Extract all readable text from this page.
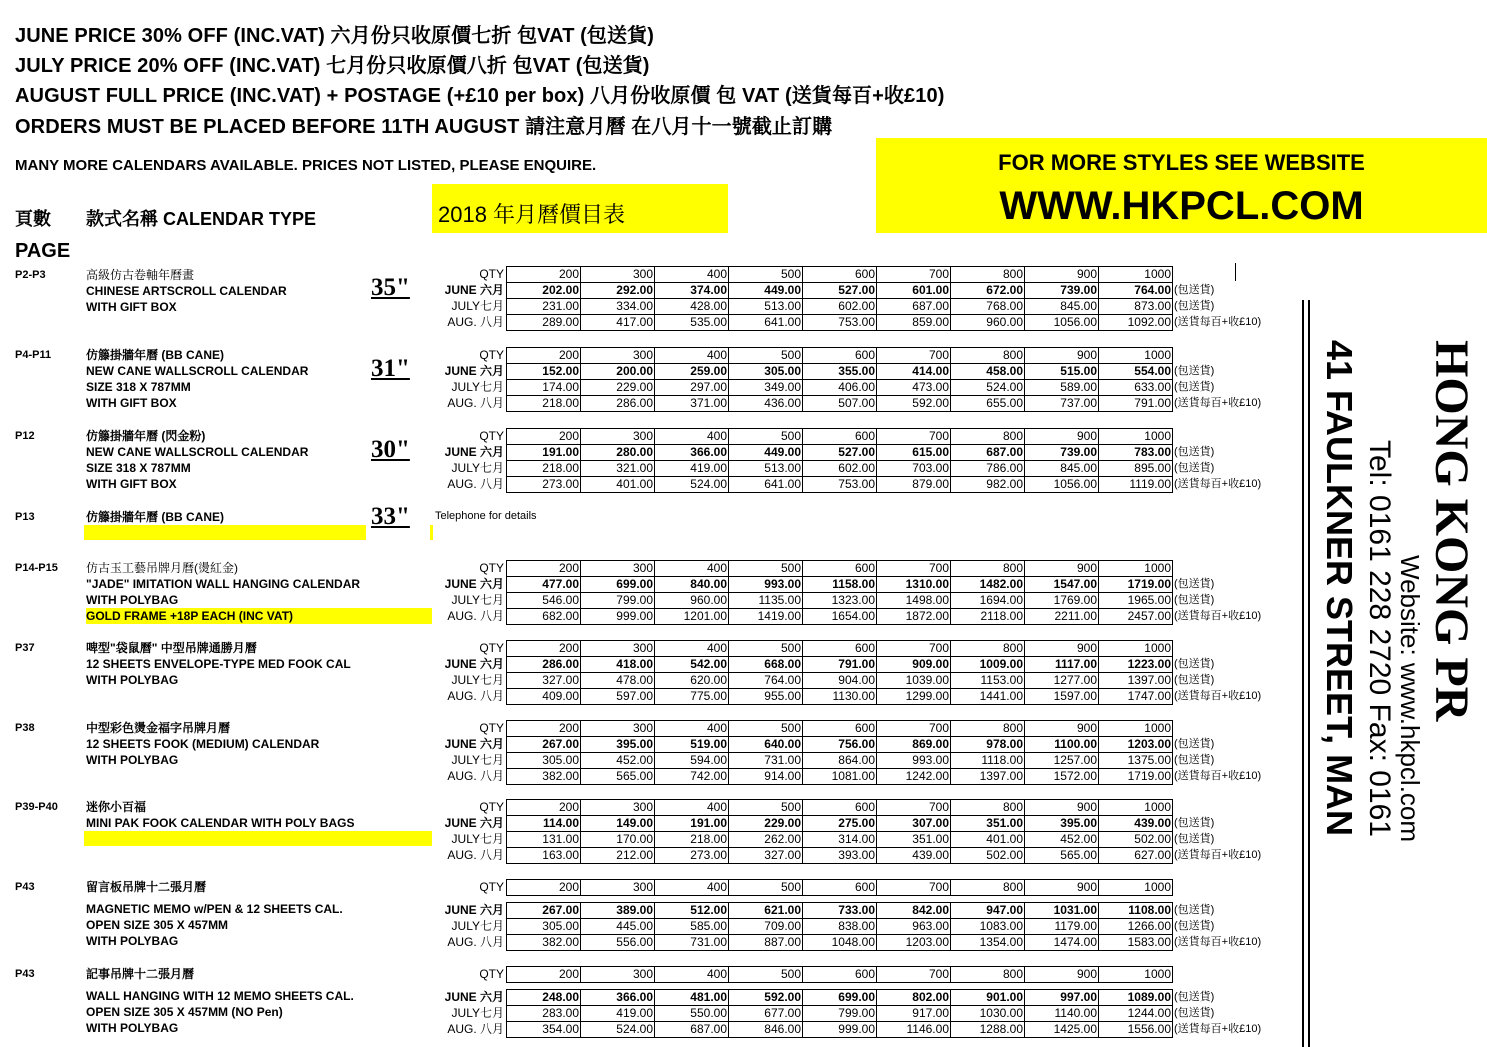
JUNE PRICE 30% OFF (INC.VAT) 六月份只收原價七折 包VAT (包送貨)
JULY PRICE 20% OFF (INC.VAT) 七月份只收原價八折 包VAT (包送貨)
AUGUST FULL PRICE (INC.VAT) + POSTAGE (+£10 per box) 八月份收原價 包 VAT (送貨每百+收£10)
ORDERS MUST BE PLACED BEFORE 11TH AUGUST 請注意月曆 在八月十一號截止訂購
MANY MORE CALENDARS AVAILABLE. PRICES NOT LISTED, PLEASE ENQUIRE.
2018 年月曆價目表
FOR MORE STYLES SEE WEBSITE
WWW.HKPCL.COM
頁數 款式名稱 CALENDAR TYPE
PAGE
P2-P3	高級仿古卷軸年曆畫
CHINESE ARTSCROLL CALENDAR
WITH GIFT BOX
35"
P4-P11	仿籐掛牆年曆 (BB CANE)
NEW CANE WALLSCROLL CALENDAR
SIZE 318 X 787MM
WITH GIFT BOX
31"
P12	仿籐掛牆年曆 (閃金粉)
NEW CANE WALLSCROLL CALENDAR
SIZE 318 X 787MM
WITH GIFT BOX
30"
P13	仿籐掛牆年曆 (BB CANE)	33" Telephone for details
P14-P15 仿古玉工藝吊牌月曆(燙紅金)
"JADE" IMITATION WALL HANGING CALENDAR
WITH POLYBAG
GOLD FRAME +18P EACH (INC VAT)
P37	啤型"袋鼠曆" 中型吊牌通勝月曆
12 SHEETS ENVELOPE-TYPE MED FOOK CAL
WITH POLYBAG
P38	中型彩色燙金福字吊牌月曆
12 SHEETS FOOK (MEDIUM) CALENDAR
WITH POLYBAG
P39-P40 迷你小百福
MINI PAK FOOK CALENDAR WITH POLY BAGS
P43	留言板吊牌十二張月曆
MAGNETIC MEMO w/PEN & 12 SHEETS CAL.
OPEN SIZE 305 X 457MM
WITH POLYBAG
P43	記事吊牌十二張月曆
WALL HANGING WITH 12 MEMO SHEETS CAL.
OPEN SIZE 305 X 457MM (NO Pen)
WITH POLYBAG
QTY	200	300	400	500	600	700	800	900	1000	
JUNE 六月	202.00	292.00	374.00	449.00	527.00	601.00	672.00	739.00	764.00	(包送貨)
JULY七月	231.00	334.00	428.00	513.00	602.00	687.00	768.00	845.00	873.00	(包送貨)
AUG. 八月	289.00	417.00	535.00	641.00	753.00	859.00	960.00	1056.00	1092.00	(送貨每百+收£10)
QTY	200	300	400	500	600	700	800	900	1000	
JUNE 六月	152.00	200.00	259.00	305.00	355.00	414.00	458.00	515.00	554.00	(包送貨)
JULY七月	174.00	229.00	297.00	349.00	406.00	473.00	524.00	589.00	633.00	(包送貨)
AUG. 八月	218.00	286.00	371.00	436.00	507.00	592.00	655.00	737.00	791.00	(送貨每百+收£10)
QTY	200	300	400	500	600	700	800	900	1000	
JUNE 六月	191.00	280.00	366.00	449.00	527.00	615.00	687.00	739.00	783.00	(包送貨)
JULY七月	218.00	321.00	419.00	513.00	602.00	703.00	786.00	845.00	895.00	(包送貨)
AUG. 八月	273.00	401.00	524.00	641.00	753.00	879.00	982.00	1056.00	1119.00	(送貨每百+收£10)
QTY	200	300	400	500	600	700	800	900	1000	
JUNE 六月	477.00	699.00	840.00	993.00	1158.00	1310.00	1482.00	1547.00	1719.00	(包送貨)
JULY七月	546.00	799.00	960.00	1135.00	1323.00	1498.00	1694.00	1769.00	1965.00	(包送貨)
AUG. 八月	682.00	999.00	1201.00	1419.00	1654.00	1872.00	2118.00	2211.00	2457.00	(送貨每百+收£10)
QTY	200	300	400	500	600	700	800	900	1000	
JUNE 六月	286.00	418.00	542.00	668.00	791.00	909.00	1009.00	1117.00	1223.00	(包送貨)
JULY七月	327.00	478.00	620.00	764.00	904.00	1039.00	1153.00	1277.00	1397.00	(包送貨)
AUG. 八月	409.00	597.00	775.00	955.00	1130.00	1299.00	1441.00	1597.00	1747.00	(送貨每百+收£10)
QTY	200	300	400	500	600	700	800	900	1000	
JUNE 六月	267.00	395.00	519.00	640.00	756.00	869.00	978.00	1100.00	1203.00	(包送貨)
JULY七月	305.00	452.00	594.00	731.00	864.00	993.00	1118.00	1257.00	1375.00	(包送貨)
AUG. 八月	382.00	565.00	742.00	914.00	1081.00	1242.00	1397.00	1572.00	1719.00	(送貨每百+收£10)
QTY	200	300	400	500	600	700	800	900	1000	
JUNE 六月	114.00	149.00	191.00	229.00	275.00	307.00	351.00	395.00	439.00	(包送貨)
JULY七月	131.00	170.00	218.00	262.00	314.00	351.00	401.00	452.00	502.00	(包送貨)
AUG. 八月	163.00	212.00	273.00	327.00	393.00	439.00	502.00	565.00	627.00	(送貨每百+收£10)
QTY	200	300	400	500	600	700	800	900	1000	

JUNE 六月	267.00	389.00	512.00	621.00	733.00	842.00	947.00	1031.00	1108.00	(包送貨)
JULY七月	305.00	445.00	585.00	709.00	838.00	963.00	1083.00	1179.00	1266.00	(包送貨)
AUG. 八月	382.00	556.00	731.00	887.00	1048.00	1203.00	1354.00	1474.00	1583.00	(送貨每百+收£10)
QTY	200	300	400	500	600	700	800	900	1000	

JUNE 六月	248.00	366.00	481.00	592.00	699.00	802.00	901.00	997.00	1089.00	(包送貨)
JULY七月	283.00	419.00	550.00	677.00	799.00	917.00	1030.00	1140.00	1244.00	(包送貨)
AUG. 八月	354.00	524.00	687.00	846.00	999.00	1146.00	1288.00	1425.00	1556.00	(送貨每百+收£10)
41 FAULKNER STREET, MAN Tel: 0161 228 2720 Fax: 0161 Website: www.hkpcl.com HONG KONG PR
